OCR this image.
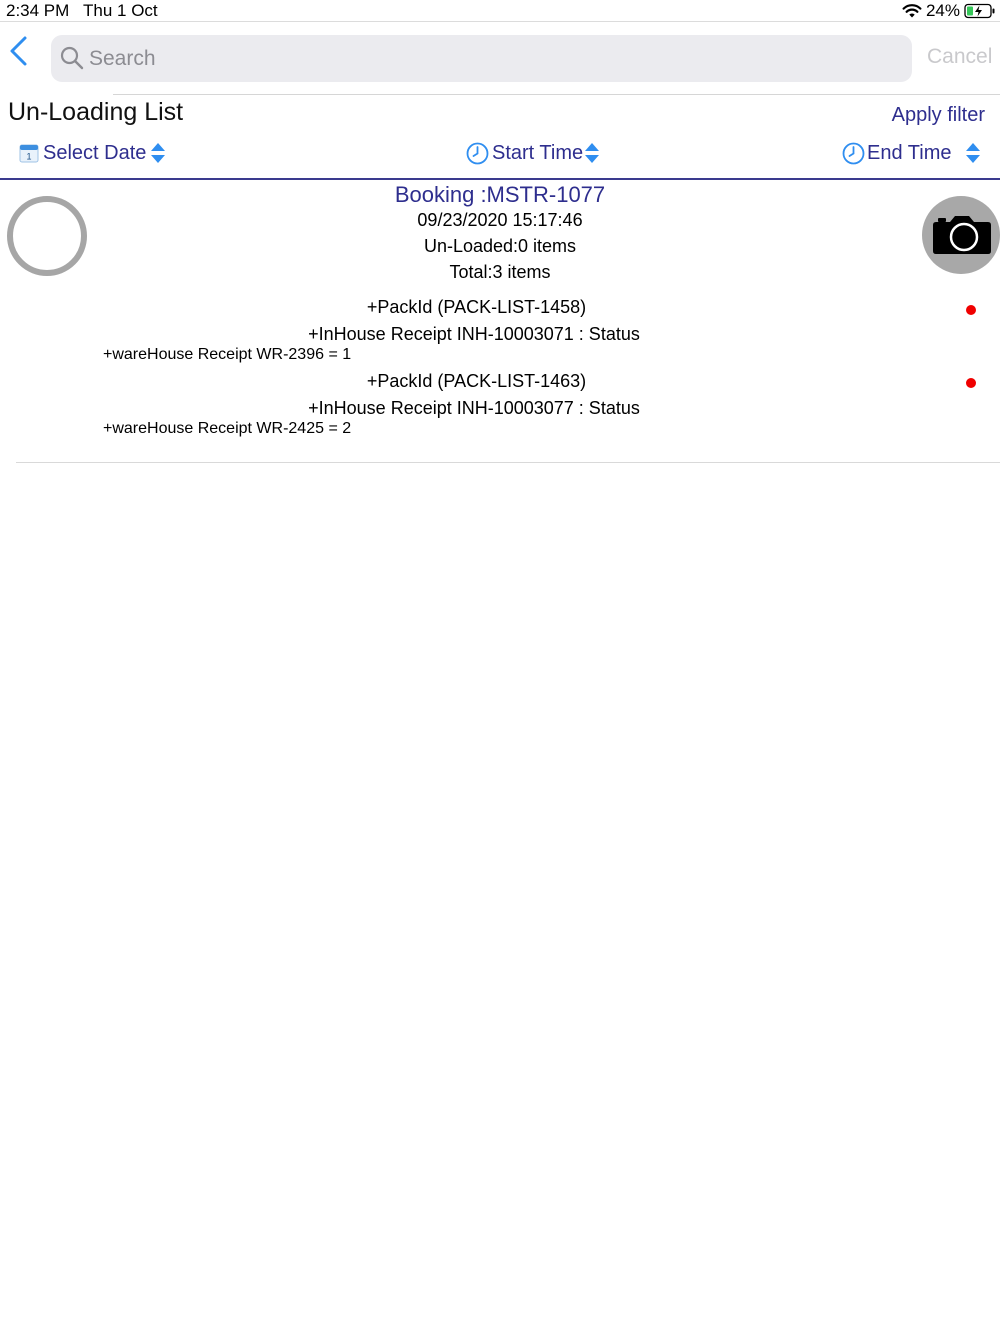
2:34 PM Thu 1 Oct	24%
Search
Cancel
Un-Loading List	Apply filter
1 Select Date	Start Time	End Time
Booking :MSTR-1077
09/23/2020 15:17:46
Un-Loaded:0 items
Total:3 items
+PackId (PACK-LIST-1458)
+InHouse Receipt INH-10003071 : Status
+wareHouse Receipt WR-2396 = 1
+PackId (PACK-LIST-1463)
+InHouse Receipt INH-10003077 : Status
+wareHouse Receipt WR-2425 = 2
